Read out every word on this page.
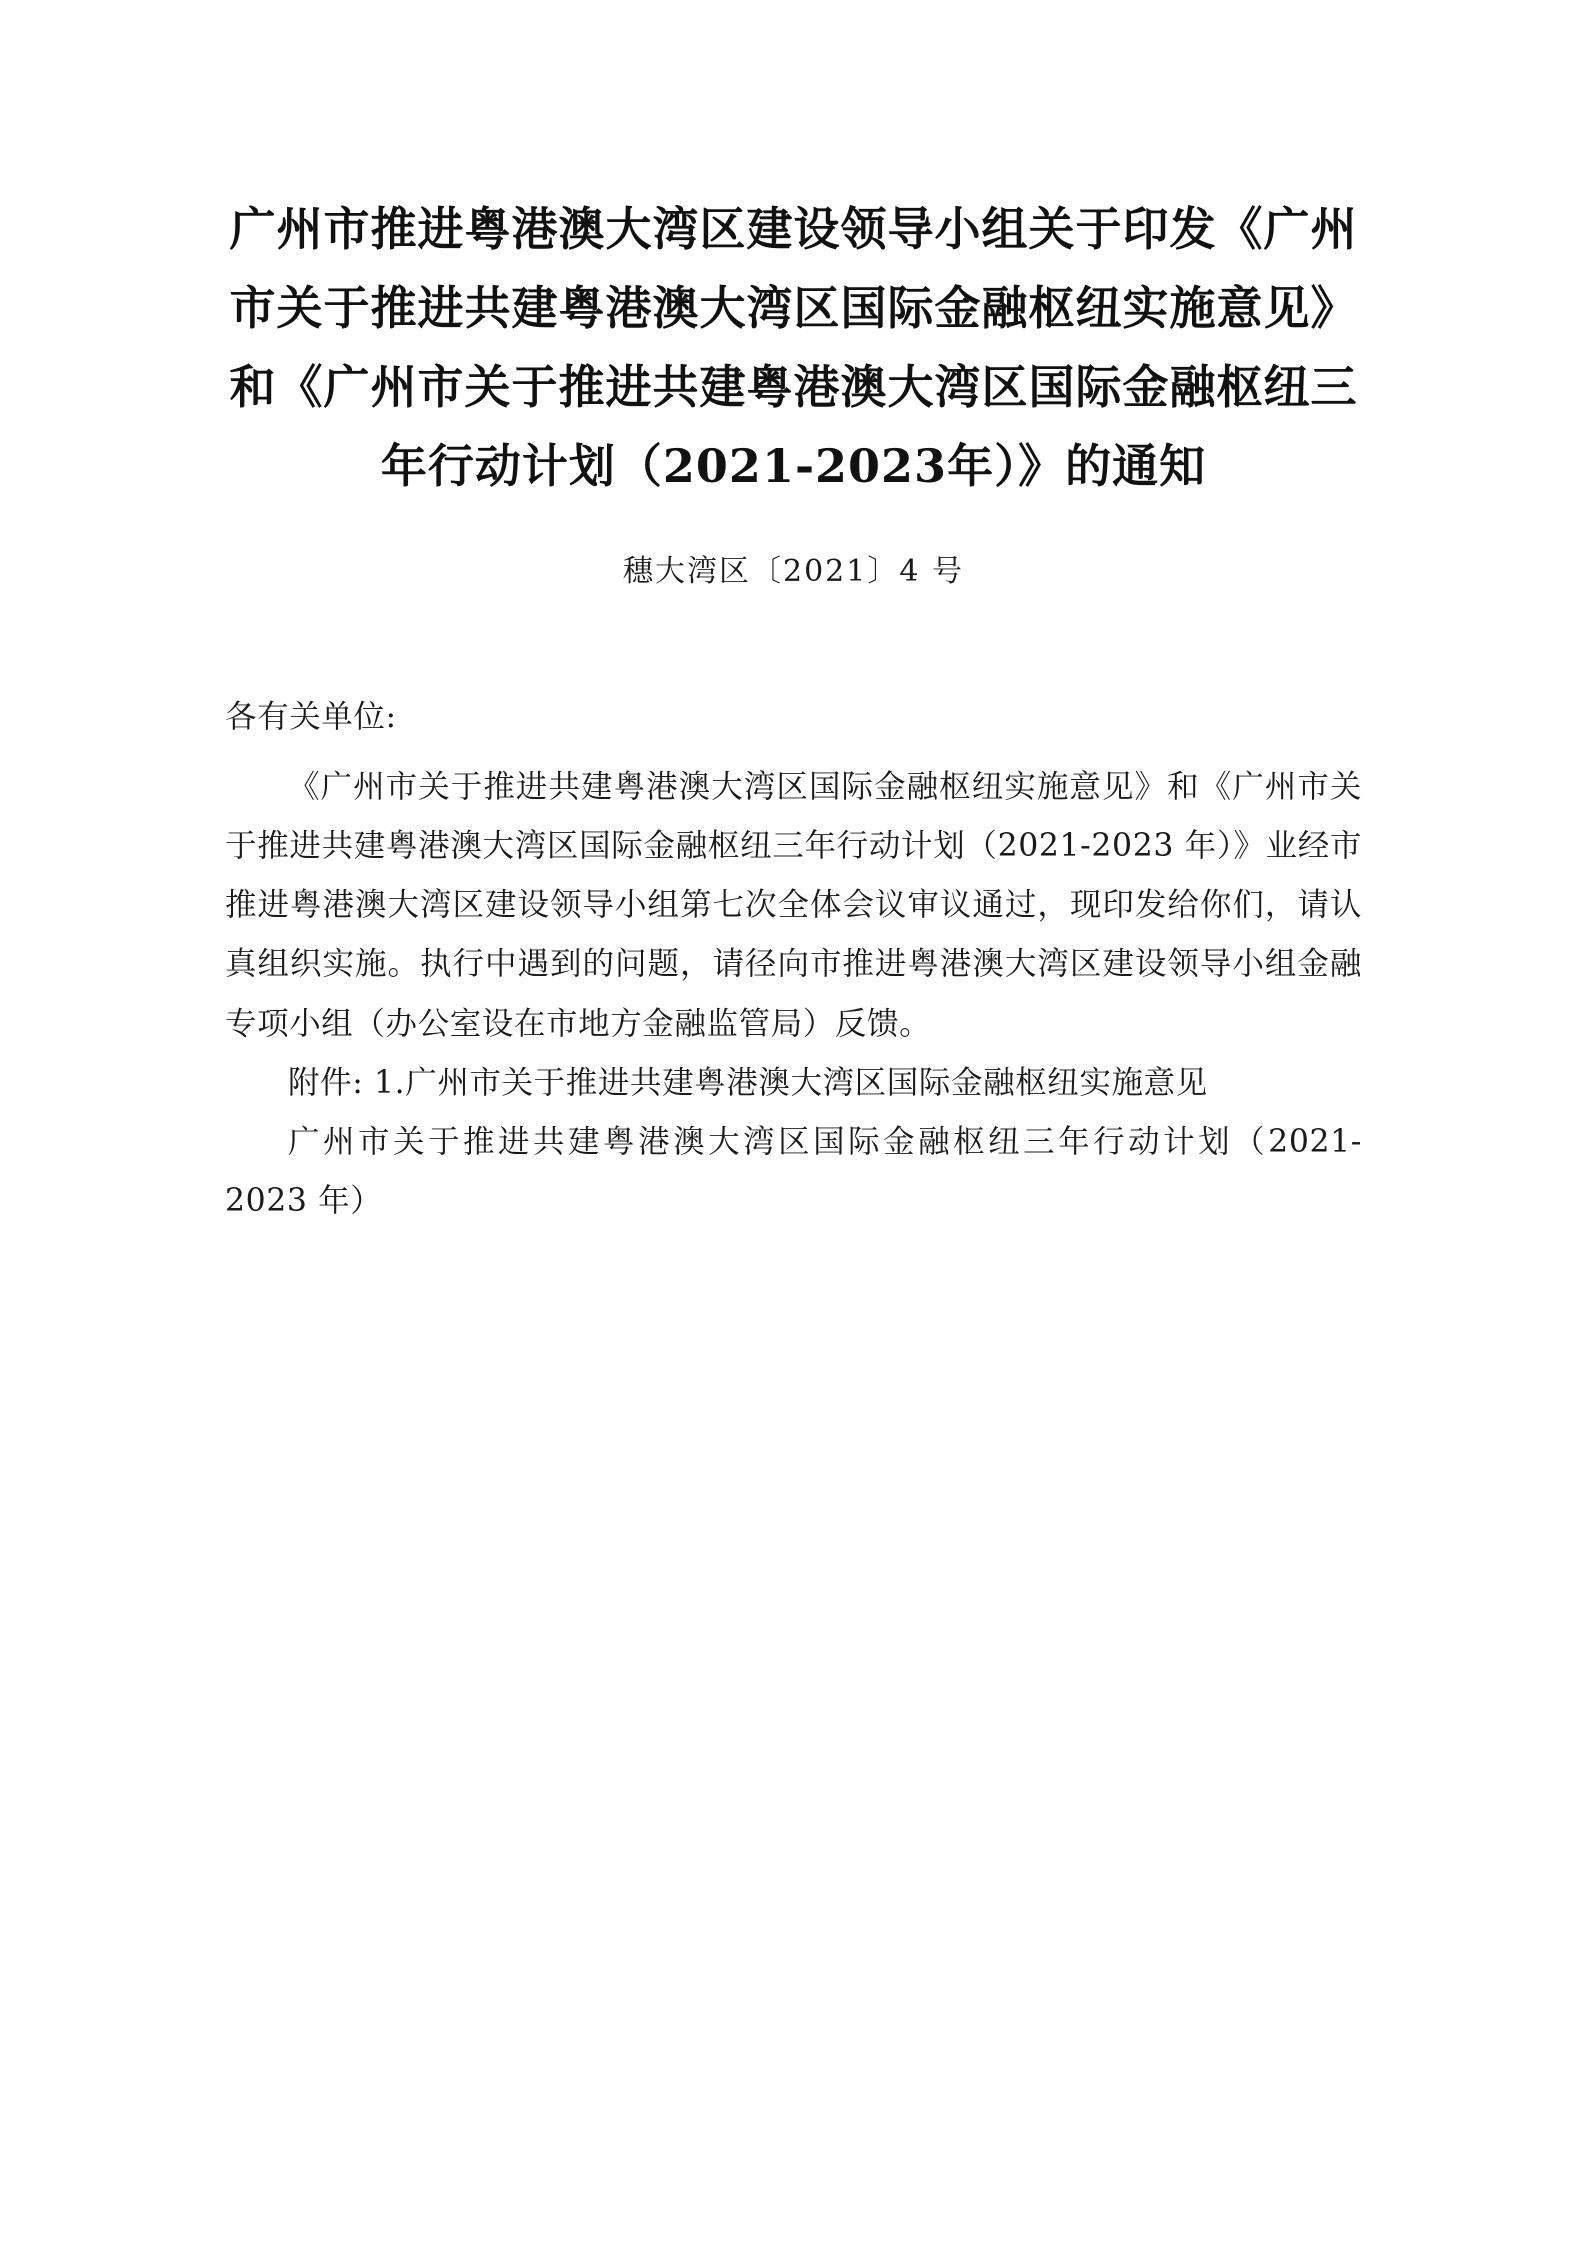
广州市推进粤港澳大湾区建设领导小组关于印发《广州市关于推进共建粤港澳大湾区国际金融枢纽实施意见》和《广州市关于推进共建粤港澳大湾区国际金融枢纽三年行动计划（2021-2023年）》的通知
穗大湾区〔2021〕4 号

各有关单位:

《广州市关于推进共建粤港澳大湾区国际金融枢纽实施意见》和《广州市关于推进共建粤港澳大湾区国际金融枢纽三年行动计划（2021-2023 年）》业经市推进粤港澳大湾区建设领导小组第七次全体会议审议通过，现印发给你们，请认真组织实施。执行中遇到的问题，请径向市推进粤港澳大湾区建设领导小组金融专项小组（办公室设在市地方金融监管局）反馈。

附件: 1.广州市关于推进共建粤港澳大湾区国际金融枢纽实施意见

广州市关于推进共建粤港澳大湾区国际金融枢纽三年行动计划（2021-2023 年）
